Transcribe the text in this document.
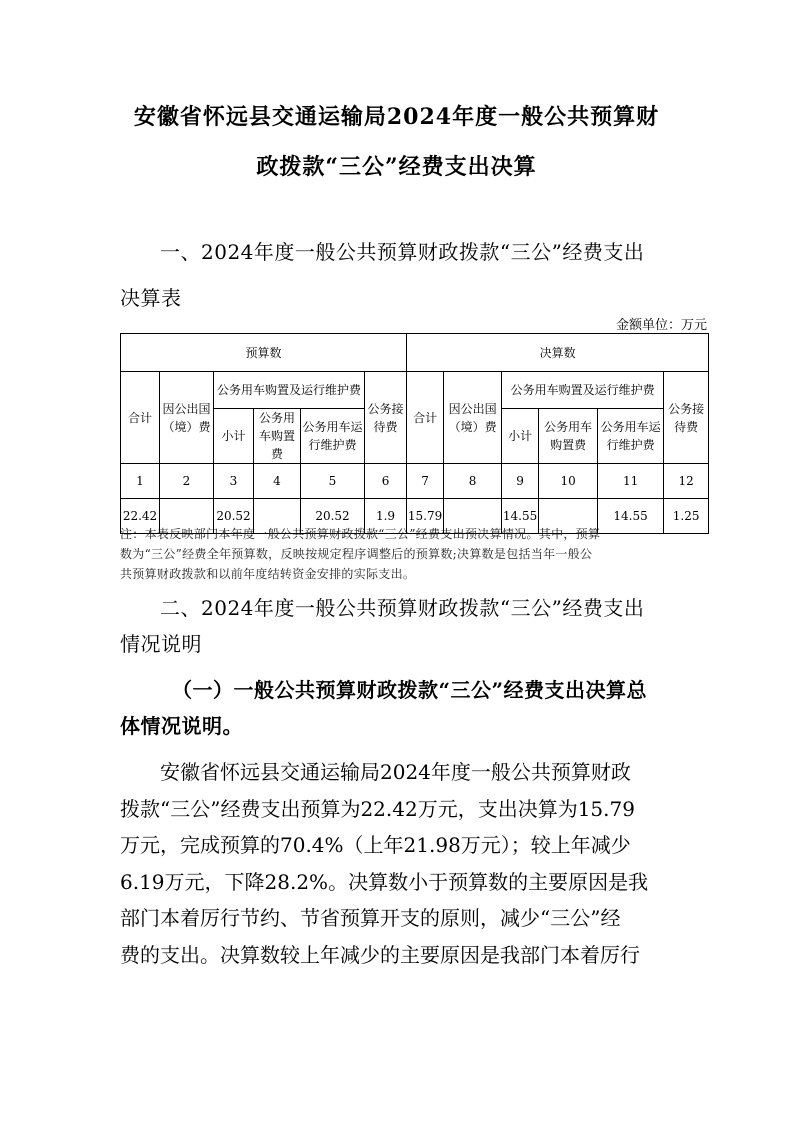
安徽省怀远县交通运输局2024年度一般公共预算财
政拨款“三公”经费支出决算
一、2024年度一般公共预算财政拨款“三公”经费支出
决算表
金额单位：万元
预算数						决算数					
合计	因公出国（境）费	公务用车购置及运行维护费			公务接待费	合计	因公出国（境）费	公务用车购置及运行维护费			公务接待费
		小计	公务用车购置费	公务用车运行维护费				小计	公务用车购置费	公务用车运行维护费	
1	2	3	4	5	6	7	8	9	10	11	12
22.42		20.52		20.52	1.9	15.79		14.55		14.55	1.25
注：本表反映部门本年度一般公共预算财政拨款“三公”经费支出预决算情况。其中，预算
数为“三公”经费全年预算数，反映按规定程序调整后的预算数;决算数是包括当年一般公
共预算财政拨款和以前年度结转资金安排的实际支出。
二、2024年度一般公共预算财政拨款“三公”经费支出
情况说明
（一）一般公共预算财政拨款“三公”经费支出决算总
体情况说明。
安徽省怀远县交通运输局2024年度一般公共预算财政
拨款“三公”经费支出预算为22.42万元，支出决算为15.79
万元，完成预算的70.4%（上年21.98万元）；较上年减少
6.19万元，下降28.2%。决算数小于预算数的主要原因是我
部门本着厉行节约、节省预算开支的原则，减少“三公”经
费的支出。决算数较上年减少的主要原因是我部门本着厉行
